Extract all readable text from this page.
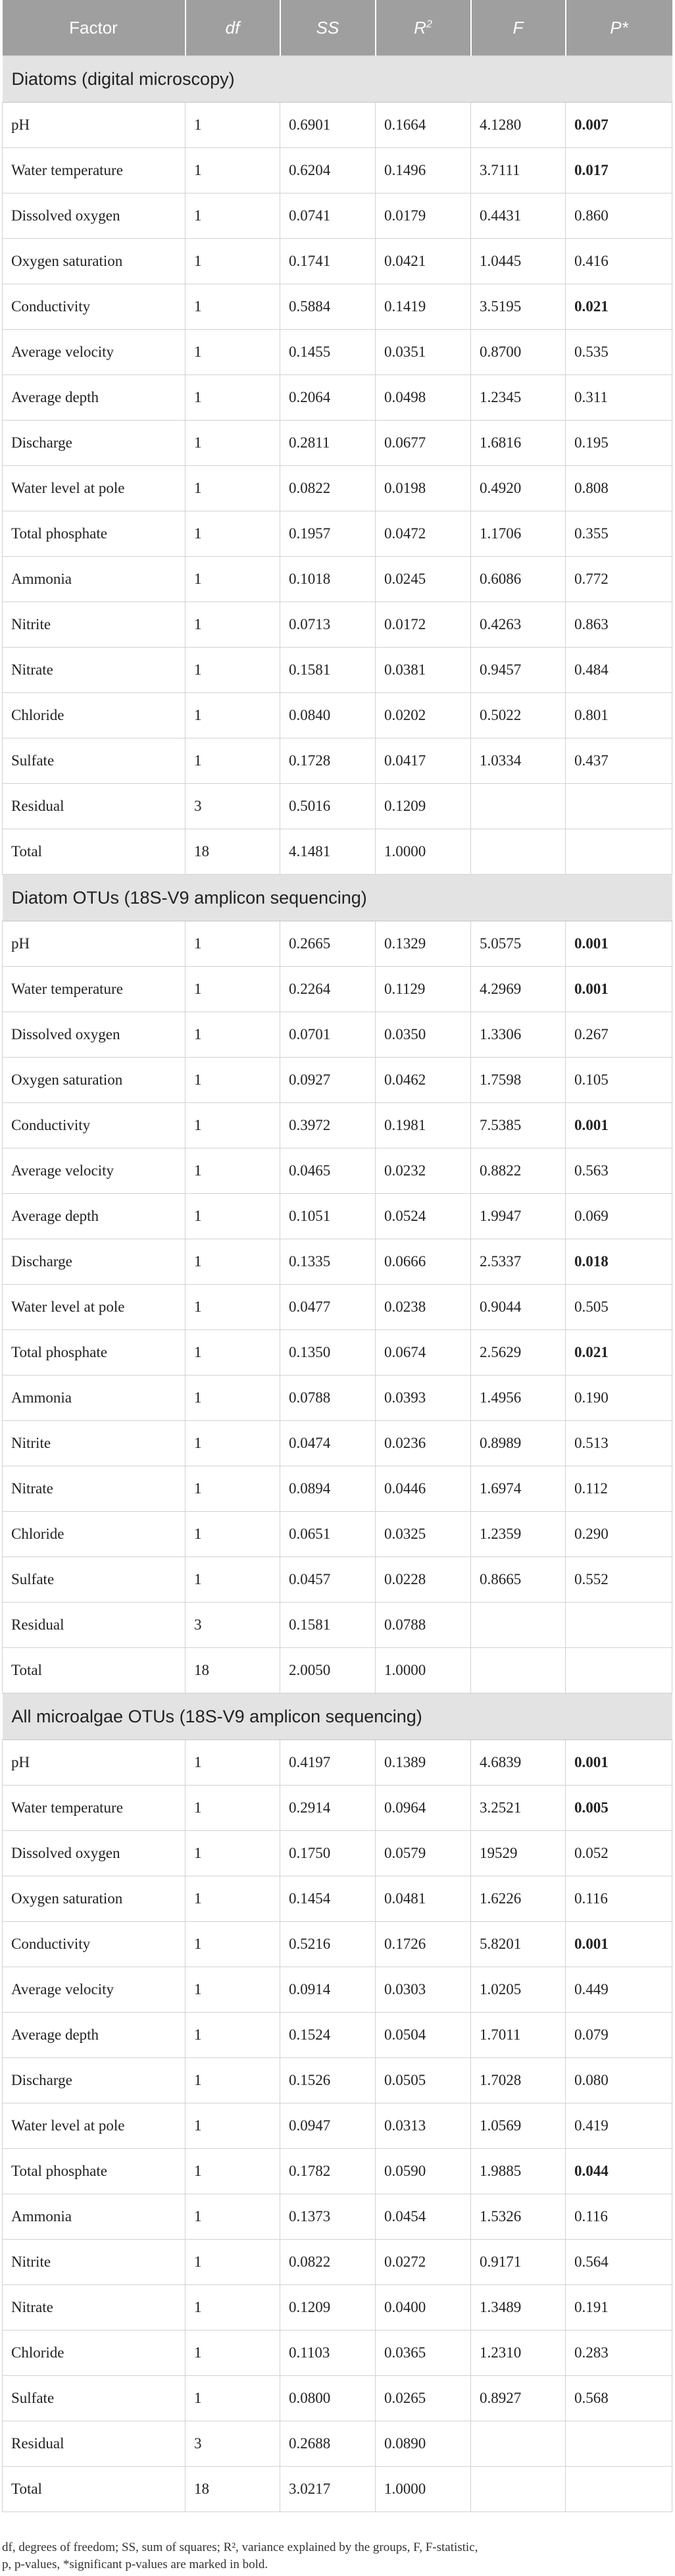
Factor	df	SS	$R^2$	F	P*
Diatoms (digital microscopy)					
pH	1	0.6901	0.1664	4.1280	0.007
Water temperature	1	0.6204	0.1496	3.7111	0.017
Dissolved oxygen	1	0.0741	0.0179	0.4431	0.860
Oxygen saturation	1	0.1741	0.0421	1.0445	0.416
Conductivity	1	0.5884	0.1419	3.5195	0.021
Average velocity	1	0.1455	0.0351	0.8700	0.535
Average depth	1	0.2064	0.0498	1.2345	0.311
Discharge	1	0.2811	0.0677	1.6816	0.195
Water level at pole	1	0.0822	0.0198	0.4920	0.808
Total phosphate	1	0.1957	0.0472	1.1706	0.355
Ammonia	1	0.1018	0.0245	0.6086	0.772
Nitrite	1	0.0713	0.0172	0.4263	0.863
Nitrate	1	0.1581	0.0381	0.9457	0.484
Chloride	1	0.0840	0.0202	0.5022	0.801
Sulfate	1	0.1728	0.0417	1.0334	0.437
Residual	3	0.5016	0.1209		
Total	18	4.1481	1.0000		
Diatom OTUs (18S-V9 amplicon sequencing)					
pH	1	0.2665	0.1329	5.0575	0.001
Water temperature	1	0.2264	0.1129	4.2969	0.001
Dissolved oxygen	1	0.0701	0.0350	1.3306	0.267
Oxygen saturation	1	0.0927	0.0462	1.7598	0.105
Conductivity	1	0.3972	0.1981	7.5385	0.001
Average velocity	1	0.0465	0.0232	0.8822	0.563
Average depth	1	0.1051	0.0524	1.9947	0.069
Discharge	1	0.1335	0.0666	2.5337	0.018
Water level at pole	1	0.0477	0.0238	0.9044	0.505
Total phosphate	1	0.1350	0.0674	2.5629	0.021
Ammonia	1	0.0788	0.0393	1.4956	0.190
Nitrite	1	0.0474	0.0236	0.8989	0.513
Nitrate	1	0.0894	0.0446	1.6974	0.112
Chloride	1	0.0651	0.0325	1.2359	0.290
Sulfate	1	0.0457	0.0228	0.8665	0.552
Residual	3	0.1581	0.0788		
Total	18	2.0050	1.0000		
All microalgae OTUs (18S-V9 amplicon sequencing)					
pH	1	0.4197	0.1389	4.6839	0.001
Water temperature	1	0.2914	0.0964	3.2521	0.005
Dissolved oxygen	1	0.1750	0.0579	19529	0.052
Oxygen saturation	1	0.1454	0.0481	1.6226	0.116
Conductivity	1	0.5216	0.1726	5.8201	0.001
Average velocity	1	0.0914	0.0303	1.0205	0.449
Average depth	1	0.1524	0.0504	1.7011	0.079
Discharge	1	0.1526	0.0505	1.7028	0.080
Water level at pole	1	0.0947	0.0313	1.0569	0.419
Total phosphate	1	0.1782	0.0590	1.9885	0.044
Ammonia	1	0.1373	0.0454	1.5326	0.116
Nitrite	1	0.0822	0.0272	0.9171	0.564
Nitrate	1	0.1209	0.0400	1.3489	0.191
Chloride	1	0.1103	0.0365	1.2310	0.283
Sulfate	1	0.0800	0.0265	0.8927	0.568
Residual	3	0.2688	0.0890		
Total	18	3.0217	1.0000		

df, degrees of freedom; SS, sum of squares; R², variance explained by the groups, F, F-statistic,
p, p-values, *significant p-values are marked in bold.
